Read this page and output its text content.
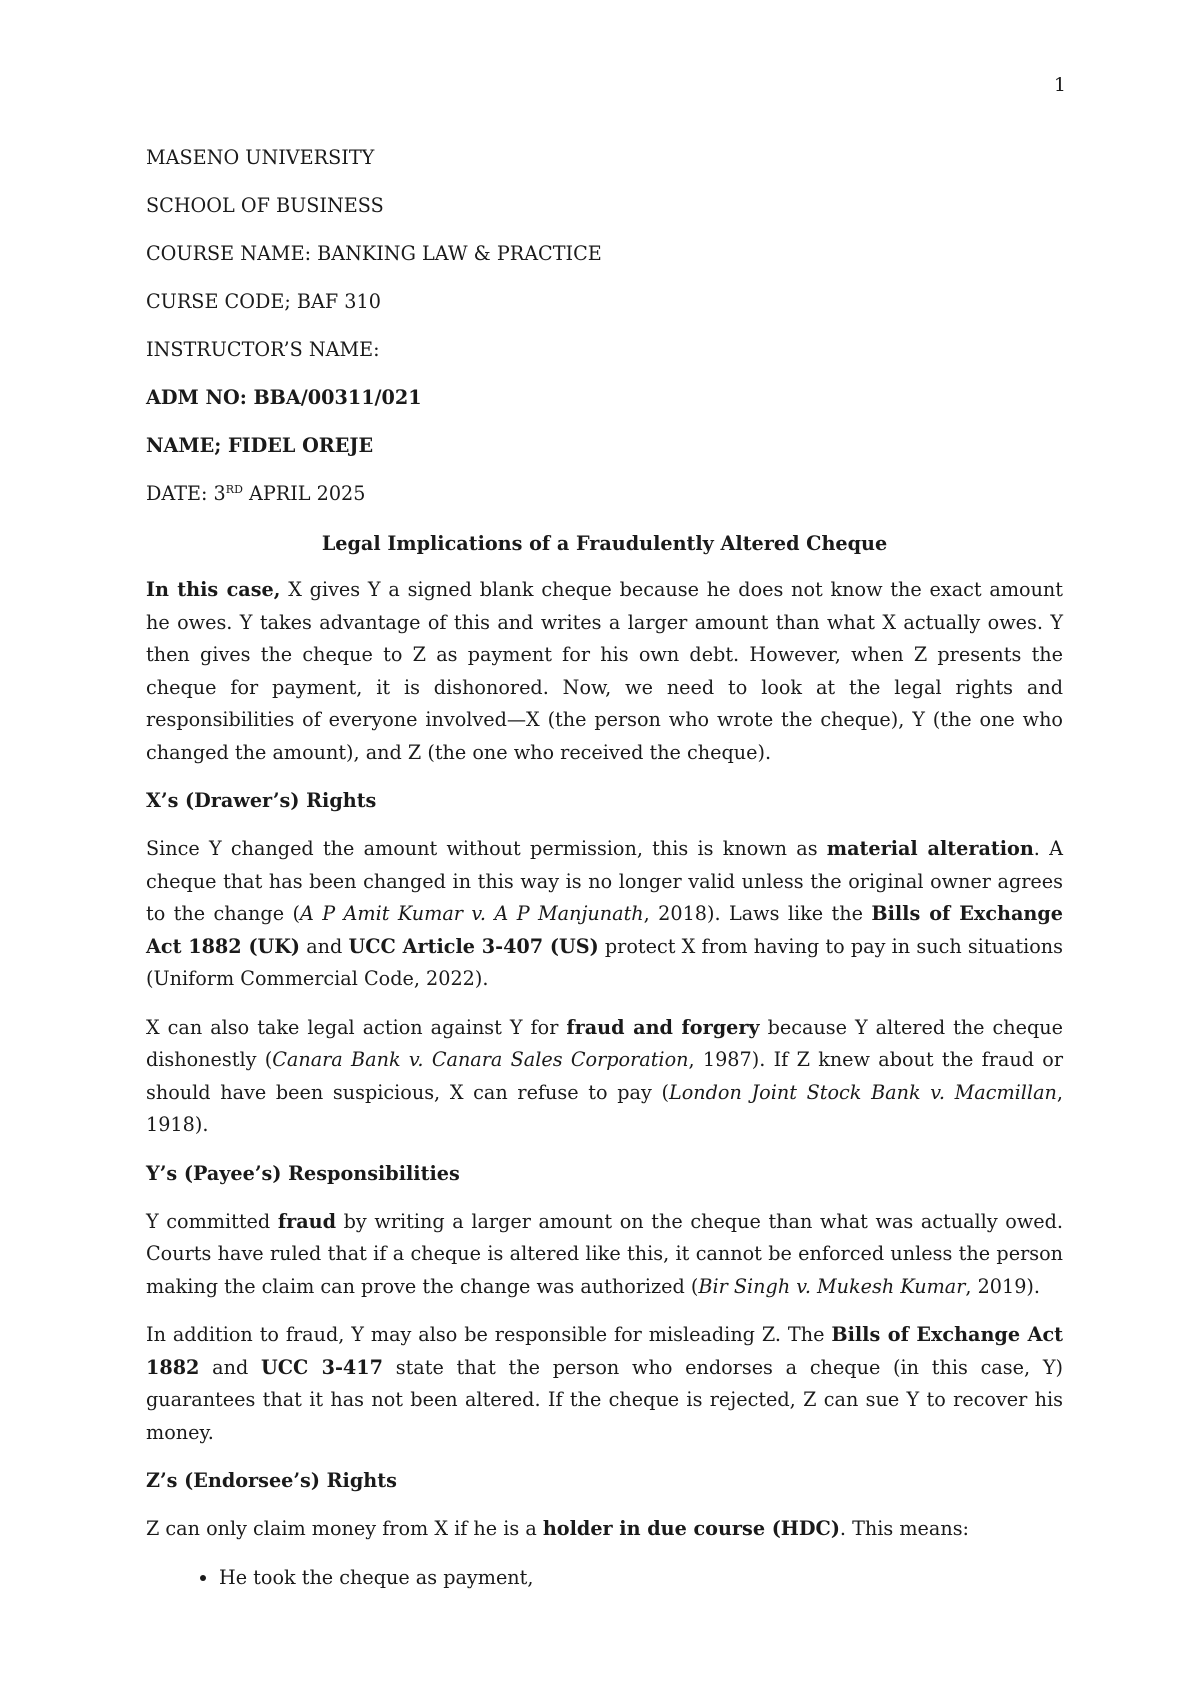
1
MASENO UNIVERSITY
SCHOOL OF BUSINESS
COURSE NAME: BANKING LAW & PRACTICE
CURSE CODE; BAF 310
INSTRUCTOR’S NAME:
ADM NO: BBA/00311/021
NAME; FIDEL OREJE
DATE: 3RD APRIL 2025
Legal Implications of a Fraudulently Altered Cheque

In this case, X gives Y a signed blank cheque because he does not know the exact amount he owes. Y takes advantage of this and writes a larger amount than what X actually owes. Y then gives the cheque to Z as payment for his own debt. However, when Z presents the cheque for payment, it is dishonored. Now, we need to look at the legal rights and responsibilities of everyone involved—X (the person who wrote the cheque), Y (the one who changed the amount), and Z (the one who received the cheque).

X’s (Drawer’s) Rights

Since Y changed the amount without permission, this is known as material alteration. A cheque that has been changed in this way is no longer valid unless the original owner agrees to the change (A P Amit Kumar v. A P Manjunath, 2018). Laws like the Bills of Exchange Act 1882 (UK) and UCC Article 3-407 (US) protect X from having to pay in such situations (Uniform Commercial Code, 2022).

X can also take legal action against Y for fraud and forgery because Y altered the cheque dishonestly (Canara Bank v. Canara Sales Corporation, 1987). If Z knew about the fraud or should have been suspicious, X can refuse to pay (London Joint Stock Bank v. Macmillan, 1918).

Y’s (Payee’s) Responsibilities

Y committed fraud by writing a larger amount on the cheque than what was actually owed. Courts have ruled that if a cheque is altered like this, it cannot be enforced unless the person making the claim can prove the change was authorized (Bir Singh v. Mukesh Kumar, 2019).

In addition to fraud, Y may also be responsible for misleading Z. The Bills of Exchange Act 1882 and UCC 3-417 state that the person who endorses a cheque (in this case, Y) guarantees that it has not been altered. If the cheque is rejected, Z can sue Y to recover his money.

Z’s (Endorsee’s) Rights

Z can only claim money from X if he is a holder in due course (HDC). This means:

• He took the cheque as payment,
